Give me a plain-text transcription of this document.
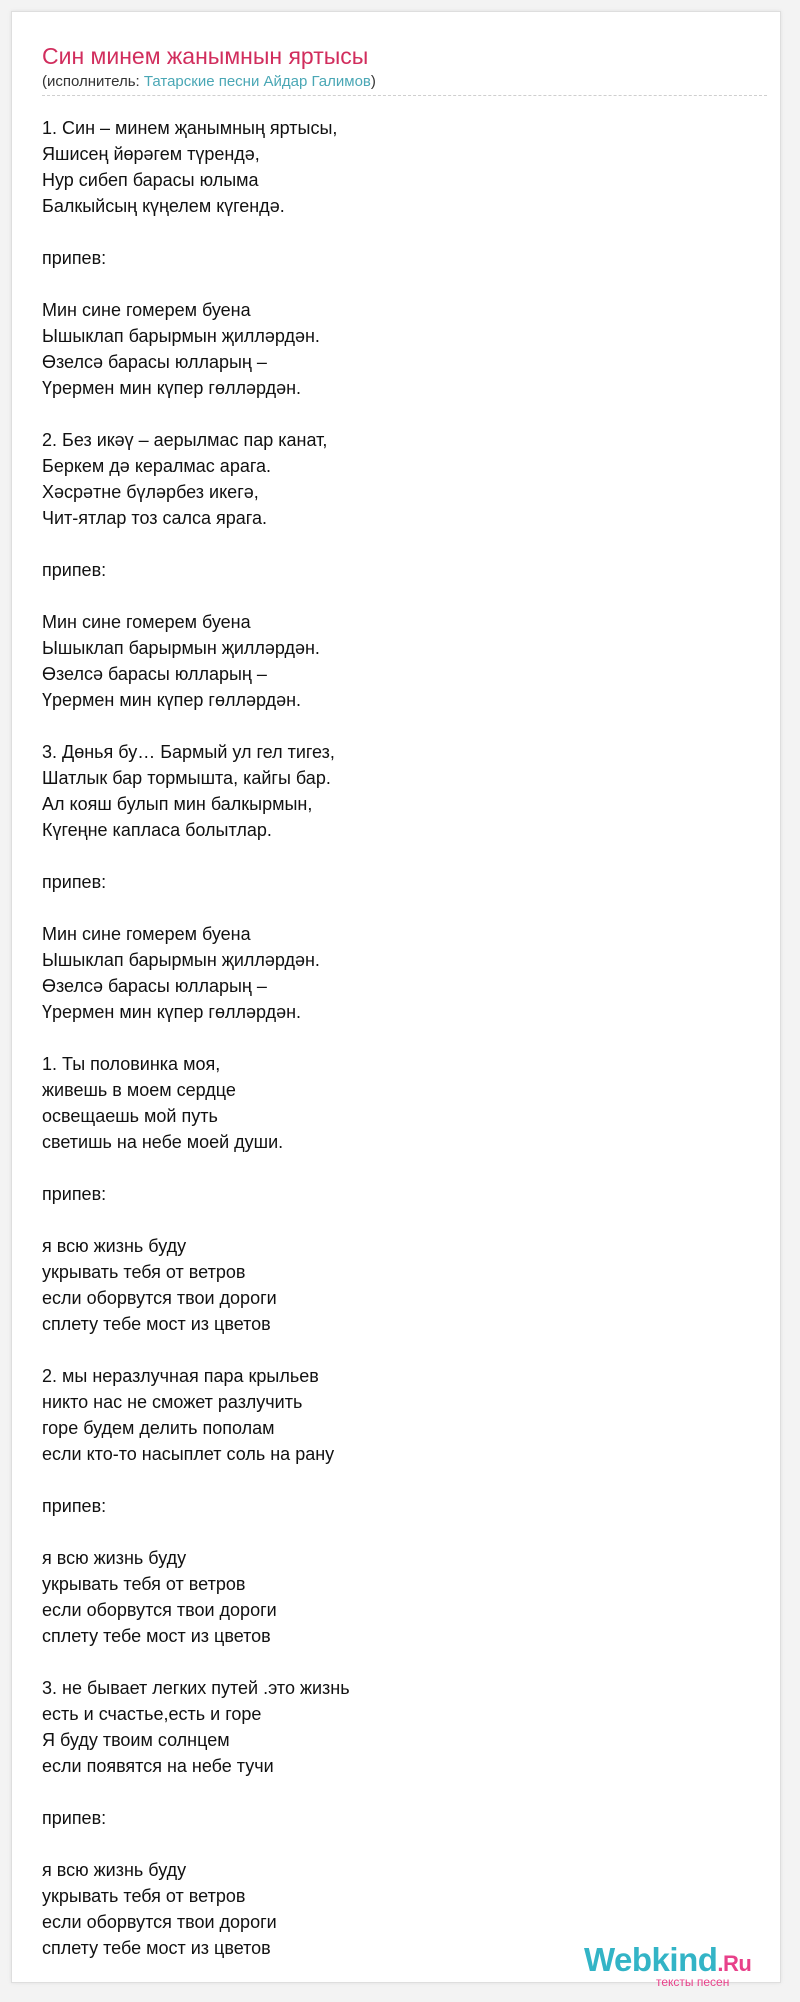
Син минем жанымнын яртысы
(исполнитель: Татарские песни Айдар Галимов)
1. Син – минем җанымның яртысы,
Яшисең йөрәгем түрендә,
Нур сибеп барасы юлыма
Балкыйсың күңелем күгендә.
припев:
Мин сине гомерем буена
Ышыклап барырмын җилләрдән.
Өзелсә барасы юлларың –
Үрермен мин күпер гөлләрдән.
2. Без икәү – аерылмас пар канат,
Беркем дә кералмас арага.
Хәсрәтне бүләрбез икегә,
Чит-ятлар тоз салса ярага.
припев:
Мин сине гомерем буена
Ышыклап барырмын җилләрдән.
Өзелсә барасы юлларың –
Үрермен мин күпер гөлләрдән.
3. Дөнья бу… Бармый ул гел тигез,
Шатлык бар тормышта, кайгы бар.
Ал кояш булып мин балкырмын,
Күгеңне капласа болытлар.
припев:
Мин сине гомерем буена
Ышыклап барырмын җилләрдән.
Өзелсә барасы юлларың –
Үрермен мин күпер гөлләрдән.
1. Ты половинка моя,
живешь в моем сердце
освещаешь мой путь
светишь на небе моей души.
припев:
я всю жизнь буду
укрывать тебя от ветров
если оборвутся твои дороги
сплету тебе мост из цветов
2. мы неразлучная пара крыльев
никто нас не сможет разлучить
горе будем делить пополам
если кто-то насыплет соль на рану
припев:
я всю жизнь буду
укрывать тебя от ветров
если оборвутся твои дороги
сплету тебе мост из цветов
3. не бывает легких путей .это жизнь
есть и счастье,есть и горе
Я буду твоим солнцем
если появятся на небе тучи
припев:
я всю жизнь буду
укрывать тебя от ветров
если оборвутся твои дороги
сплету тебе мост из цветов	Webkind.Ru
тексты песен
